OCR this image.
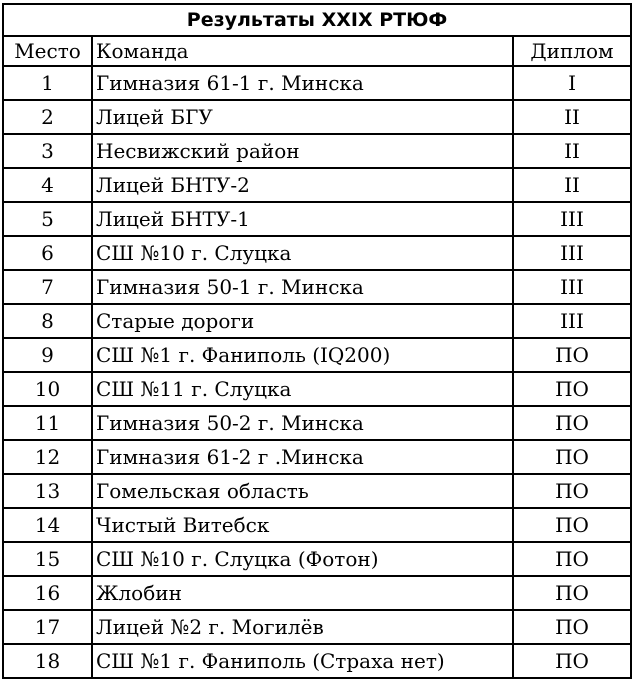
Результаты XXIX РТЮФ		
Место	Команда	Диплом
1	Гимназия 61-1 г. Минска	I
2	Лицей БГУ	II
3	Несвижский район	II
4	Лицей БНТУ-2	II
5	Лицей БНТУ-1	III
6	СШ №10 г. Слуцка	III
7	Гимназия 50-1 г. Минска	III
8	Старые дороги	III
9	СШ №1 г. Фаниполь (IQ200)	ПО
10	СШ №11 г. Слуцка	ПО
11	Гимназия 50-2 г. Минска	ПО
12	Гимназия 61-2 г .Минска	ПО
13	Гомельская область	ПО
14	Чистый Витебск	ПО
15	СШ №10 г. Слуцка (Фотон)	ПО
16	Жлобин	ПО
17	Лицей №2 г. Могилёв	ПО
18	СШ №1 г. Фаниполь (Страха нет)	ПО
